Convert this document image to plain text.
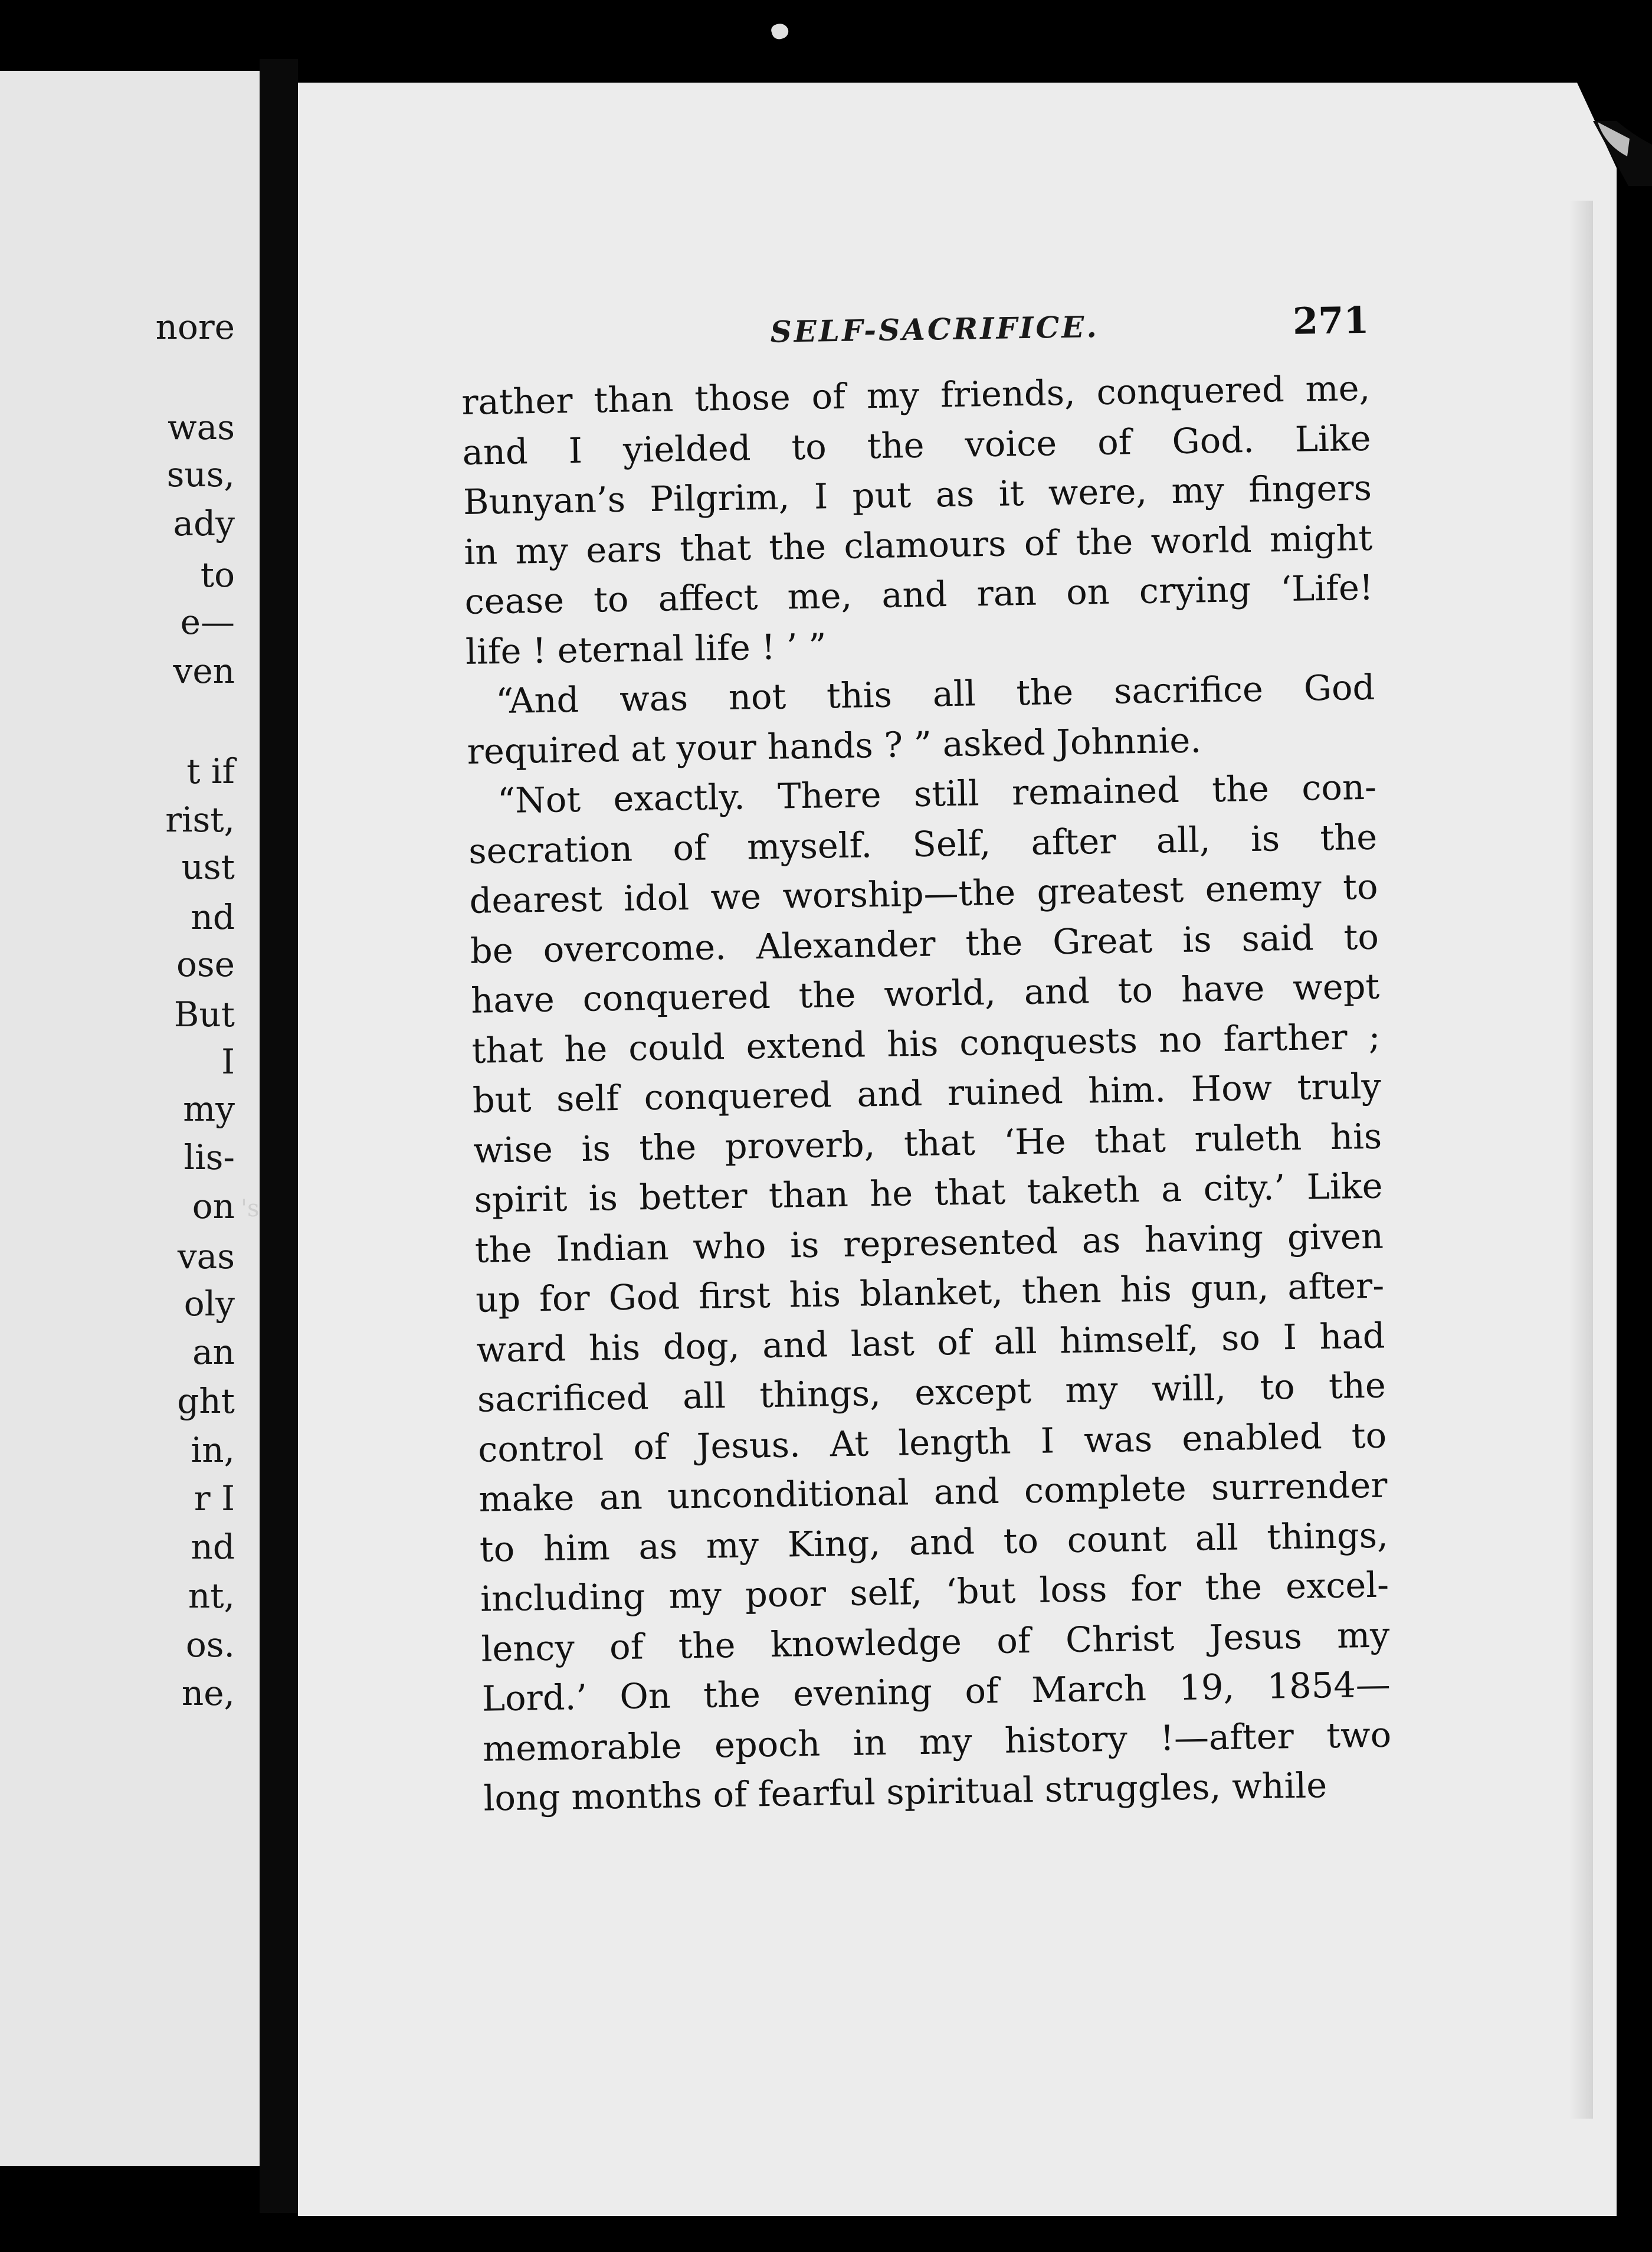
nore
was
sus,
ady
to
e—
ven
t if
rist,
ust
nd
ose
But
I
my
lis-
on
vas
oly
an
ght
in,
r I
nd
nt,
os.
ne,
's
SELF-SACRIFICE.	271
rather than those of my friends, conquered me,
and I yielded to the voice of God. Like
Bunyan’s Pilgrim, I put as it were, my fingers
in my ears that the clamours of the world might
cease to affect me, and ran on crying ‘Life!
life ! eternal life ! ’ ”
“And was not this all the sacrifice God
required at your hands ? ” asked Johnnie.
“Not exactly. There still remained the con-
secration of myself. Self, after all, is the
dearest idol we worship—the greatest enemy to
be overcome. Alexander the Great is said to
have conquered the world, and to have wept
that he could extend his conquests no farther ;
but self conquered and ruined him. How truly
wise is the proverb, that ‘He that ruleth his
spirit is better than he that taketh a city.’ Like
the Indian who is represented as having given
up for God first his blanket, then his gun, after-
ward his dog, and last of all himself, so I had
sacrificed all things, except my will, to the
control of Jesus. At length I was enabled to
make an unconditional and complete surrender
to him as my King, and to count all things,
including my poor self, ‘but loss for the excel-
lency of the knowledge of Christ Jesus my
Lord.’ On the evening of March 19, 1854—
memorable epoch in my history !—after two
long months of fearful spiritual struggles, while
